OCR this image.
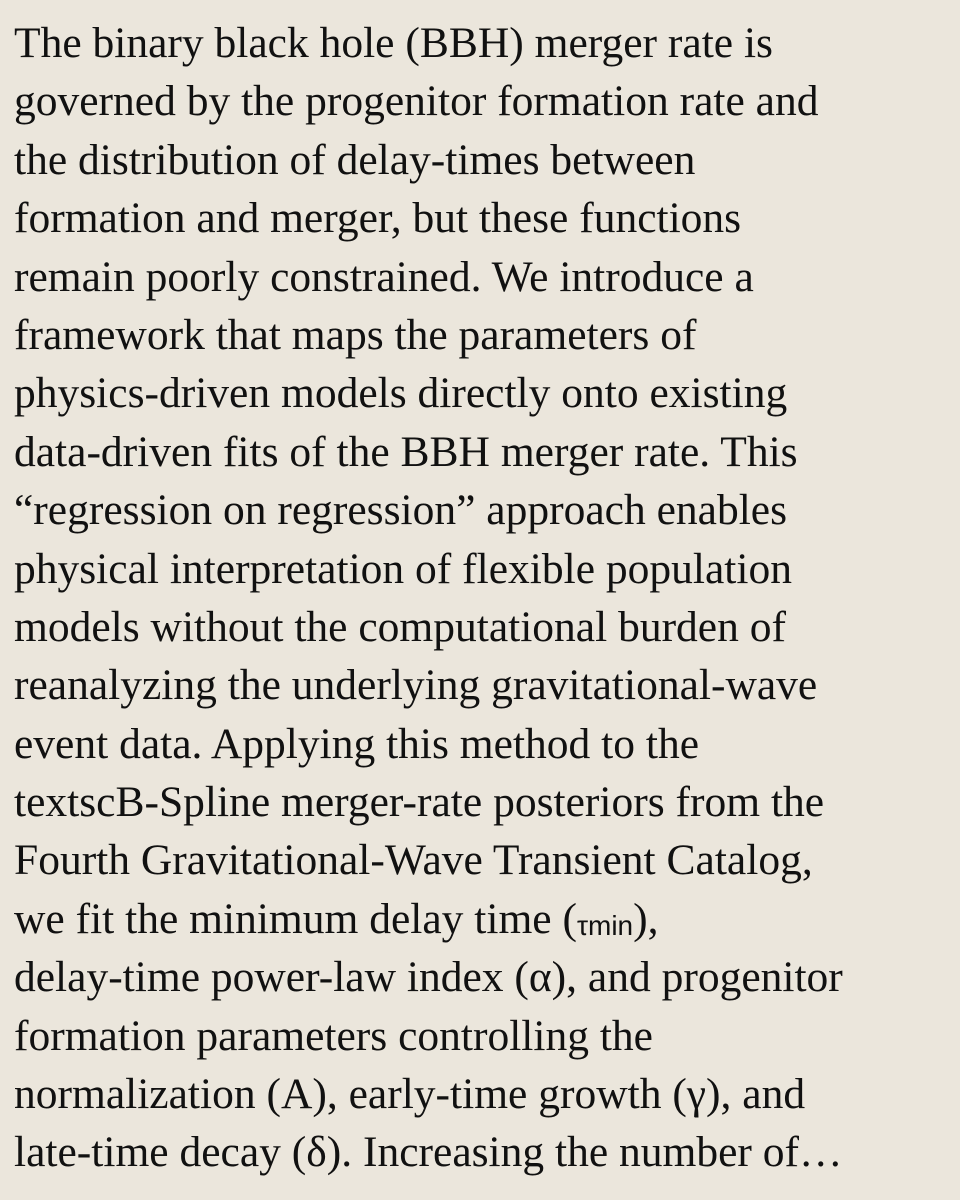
The binary black hole (BBH) merger rate is
governed by the progenitor formation rate and
the distribution of delay-times between
formation and merger, but these functions
remain poorly constrained. We introduce a
framework that maps the parameters of
physics-driven models directly onto existing
data-driven fits of the BBH merger rate. This
“regression on regression” approach enables
physical interpretation of flexible population
models without the computational burden of
reanalyzing the underlying gravitational-wave
event data. Applying this method to the
textscB-Spline merger-rate posteriors from the
Fourth Gravitational-Wave Transient Catalog,
we fit the minimum delay time (τmin),
delay-time power-law index (α), and progenitor
formation parameters controlling the
normalization (A), early-time growth (γ), and
late-time decay (δ). Increasing the number of…
